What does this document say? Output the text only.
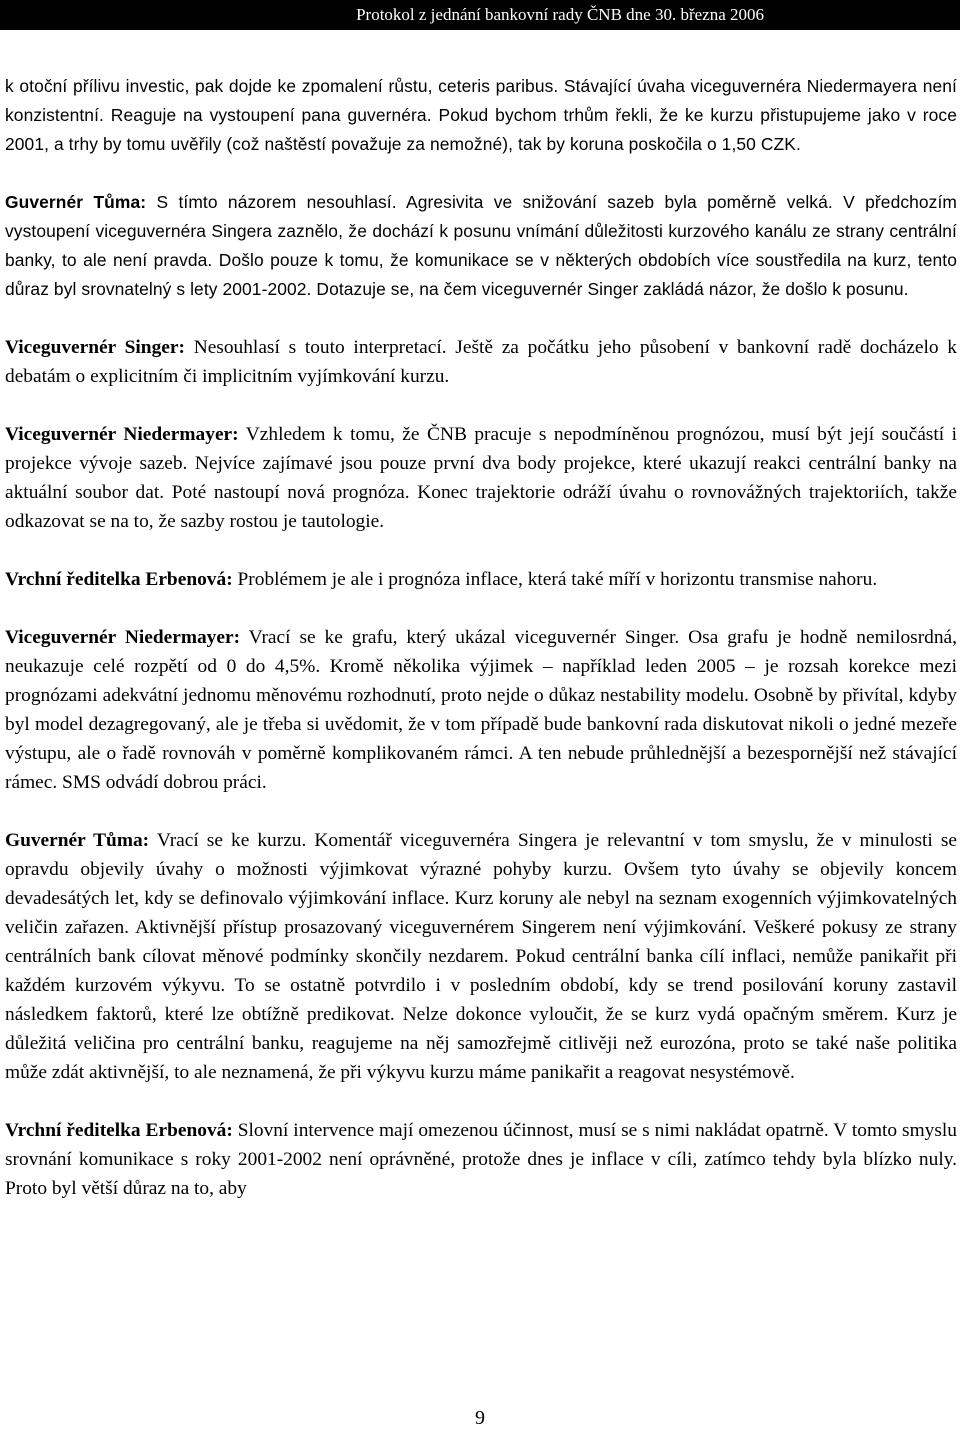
Protokol z jednání bankovní rady ČNB dne 30. března 2006

k otoční přílivu investic, pak dojde ke zpomalení růstu, ceteris paribus. Stávající úvaha viceguvernéra Niedermayera není konzistentní. Reaguje na vystoupení pana guvernéra. Pokud bychom trhům řekli, že ke kurzu přistupujeme jako v roce 2001, a trhy by tomu uvěřily (což naštěstí považuje za nemožné), tak by koruna poskočila o 1,50 CZK.

Guvernér Tůma: S tímto názorem nesouhlasí. Agresivita ve snižování sazeb byla poměrně velká. V předchozím vystoupení viceguvernéra Singera zaznělo, že dochází k posunu vnímání důležitosti kurzového kanálu ze strany centrální banky, to ale není pravda. Došlo pouze k tomu, že komunikace se v některých obdobích více soustředila na kurz, tento důraz byl srovnatelný s lety 2001-2002. Dotazuje se, na čem viceguvernér Singer zakládá názor, že došlo k posunu.

Viceguvernér Singer: Nesouhlasí s touto interpretací. Ještě za počátku jeho působení v bankovní radě docházelo k debatám o explicitním či implicitním vyjímkování kurzu.

Viceguvernér Niedermayer: Vzhledem k tomu, že ČNB pracuje s nepodmíněnou prognózou, musí být její součástí i projekce vývoje sazeb. Nejvíce zajímavé jsou pouze první dva body projekce, které ukazují reakci centrální banky na aktuální soubor dat. Poté nastoupí nová prognóza. Konec trajektorie odráží úvahu o rovnovážných trajektoriích, takže odkazovat se na to, že sazby rostou je tautologie.

Vrchní ředitelka Erbenová: Problémem je ale i prognóza inflace, která také míří v horizontu transmise nahoru.

Viceguvernér Niedermayer: Vrací se ke grafu, který ukázal viceguvernér Singer. Osa grafu je hodně nemilosrdná, neukazuje celé rozpětí od 0 do 4,5%. Kromě několika výjimek – například leden 2005 – je rozsah korekce mezi prognózami adekvátní jednomu měnovému rozhodnutí, proto nejde o důkaz nestability modelu. Osobně by přivítal, kdyby byl model dezagregovaný, ale je třeba si uvědomit, že v tom případě bude bankovní rada diskutovat nikoli o jedné mezeře výstupu, ale o řadě rovnováh v poměrně komplikovaném rámci. A ten nebude průhlednější a bezespornější než stávající rámec. SMS odvádí dobrou práci.

Guvernér Tůma: Vrací se ke kurzu. Komentář viceguvernéra Singera je relevantní v tom smyslu, že v minulosti se opravdu objevily úvahy o možnosti výjimkovat výrazné pohyby kurzu. Ovšem tyto úvahy se objevily koncem devadesátých let, kdy se definovalo výjimkování inflace. Kurz koruny ale nebyl na seznam exogenních výjimkovatelných veličin zařazen. Aktivnější přístup prosazovaný viceguvernérem Singerem není výjimkování. Veškeré pokusy ze strany centrálních bank cílovat měnové podmínky skončily nezdarem. Pokud centrální banka cílí inflaci, nemůže panikařit při každém kurzovém výkyvu. To se ostatně potvrdilo i v posledním období, kdy se trend posilování koruny zastavil následkem faktorů, které lze obtížně predikovat. Nelze dokonce vyloučit, že se kurz vydá opačným směrem. Kurz je důležitá veličina pro centrální banku, reagujeme na něj samozřejmě citlivěji než eurozóna, proto se také naše politika může zdát aktivnější, to ale neznamená, že při výkyvu kurzu máme panikařit a reagovat nesystémově.

Vrchní ředitelka Erbenová: Slovní intervence mají omezenou účinnost, musí se s nimi nakládat opatrně. V tomto smyslu srovnání komunikace s roky 2001-2002 není oprávněné, protože dnes je inflace v cíli, zatímco tehdy byla blízko nuly. Proto byl větší důraz na to, aby

9
